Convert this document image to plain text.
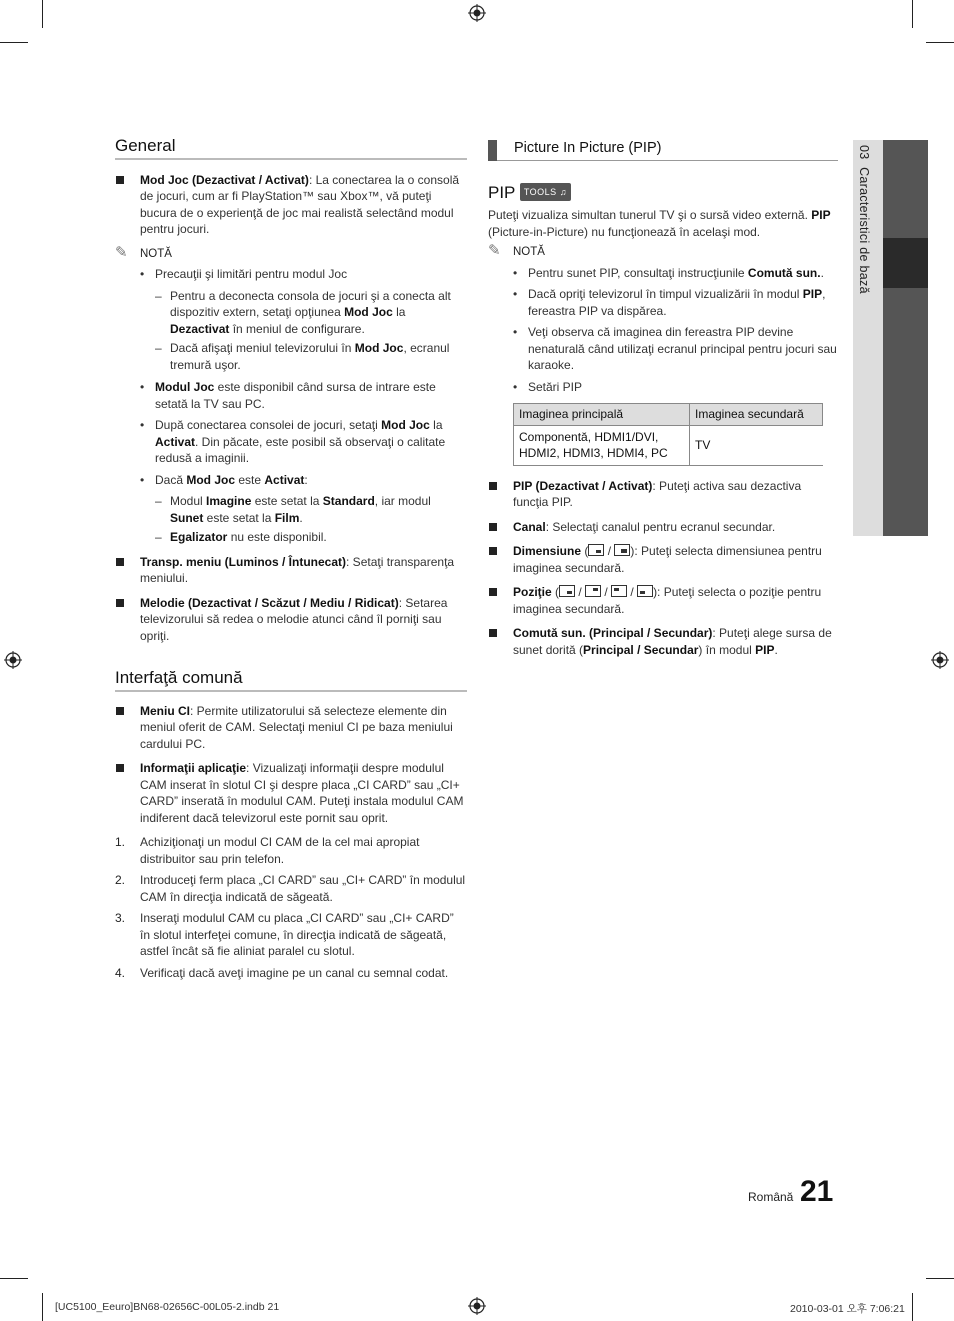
03  Caracteristici de bază
General

Mod Joc (Dezactivat / Activat): La conectarea la o consolă de jocuri, cum ar fi PlayStation™ sau Xbox™, vă puteţi bucura de o experienţă de joc mai realistă selectând modul pentru jocuri.

✎ NOTĂ

• Precauţii şi limitări pentru modul Joc

– Pentru a deconecta consola de jocuri şi a conecta alt dispozitiv extern, setaţi opţiunea Mod Joc la Dezactivat în meniul de configurare.

– Dacă afişaţi meniul televizorului în Mod Joc, ecranul tremură uşor.

• Modul Joc este disponibil când sursa de intrare este setată la TV sau PC.

• După conectarea consolei de jocuri, setaţi Mod Joc la Activat. Din păcate, este posibil să observaţi o calitate redusă a imaginii.

• Dacă Mod Joc este Activat:

– Modul Imagine este setat la Standard, iar modul Sunet este setat la Film.

– Egalizator nu este disponibil.

Transp. meniu (Luminos / Întunecat): Setaţi transparenţa meniului.

Melodie (Dezactivat / Scăzut / Mediu / Ridicat): Setarea televizorului să redea o melodie atunci când îl porniţi sau opriţi.

Interfaţă comună

Meniu CI: Permite utilizatorului să selecteze elemente din meniul oferit de CAM. Selectaţi meniul CI pe baza meniului cardului PC.

Informaţii aplicaţie: Vizualizaţi informaţii despre modulul CAM inserat în slotul CI şi despre placa „CI CARD” sau „CI+ CARD” inserată în modulul CAM. Puteţi instala modulul CAM indiferent dacă televizorul este pornit sau oprit.

1. Achiziţionaţi un modul CI CAM de la cel mai apropiat distribuitor sau prin telefon.

2. Introduceţi ferm placa „CI CARD” sau „CI+ CARD” în modulul CAM în direcţia indicată de săgeată.

3. Inseraţi modulul CAM cu placa „CI CARD” sau „CI+ CARD” în slotul interfeţei comune, în direcţia indicată de săgeată, astfel încât să fie aliniat paralel cu slotul.

4. Verificaţi dacă aveţi imagine pe un canal cu semnal codat.

Picture In Picture (PIP)
PIP TOOLS ♫

Puteţi vizualiza simultan tunerul TV şi o sursă video externă. PIP (Picture-in-Picture) nu funcţionează în acelaşi mod.

✎ NOTĂ

• Pentru sunet PIP, consultaţi instrucţiunile Comută sun..

• Dacă opriţi televizorul în timpul vizualizării în modul PIP, fereastra PIP va dispărea.

• Veţi observa că imaginea din fereastra PIP devine nenaturală când utilizaţi ecranul principal pentru jocuri sau karaoke.

• Setări PIP

Imaginea principală	Imaginea secundară
Componentă, HDMI1/DVI, HDMI2, HDMI3, HDMI4, PC	TV

PIP (Dezactivat / Activat): Puteţi activa sau dezactiva funcţia PIP.

Canal: Selectaţi canalul pentru ecranul secundar.

Dimensiune (
/
): Puteţi selecta dimensiunea pentru imaginea secundară.

Poziţie (
/
/
/
): Puteţi selecta o poziţie pentru imaginea secundară.

Comută sun. (Principal / Secundar): Puteţi alege sursa de sunet dorită (Principal / Secundar) în modul PIP.

Română 21
[UC5100_Eeuro]BN68-02656C-00L05-2.indb 21	2010-03-01 오후 7:06:21
